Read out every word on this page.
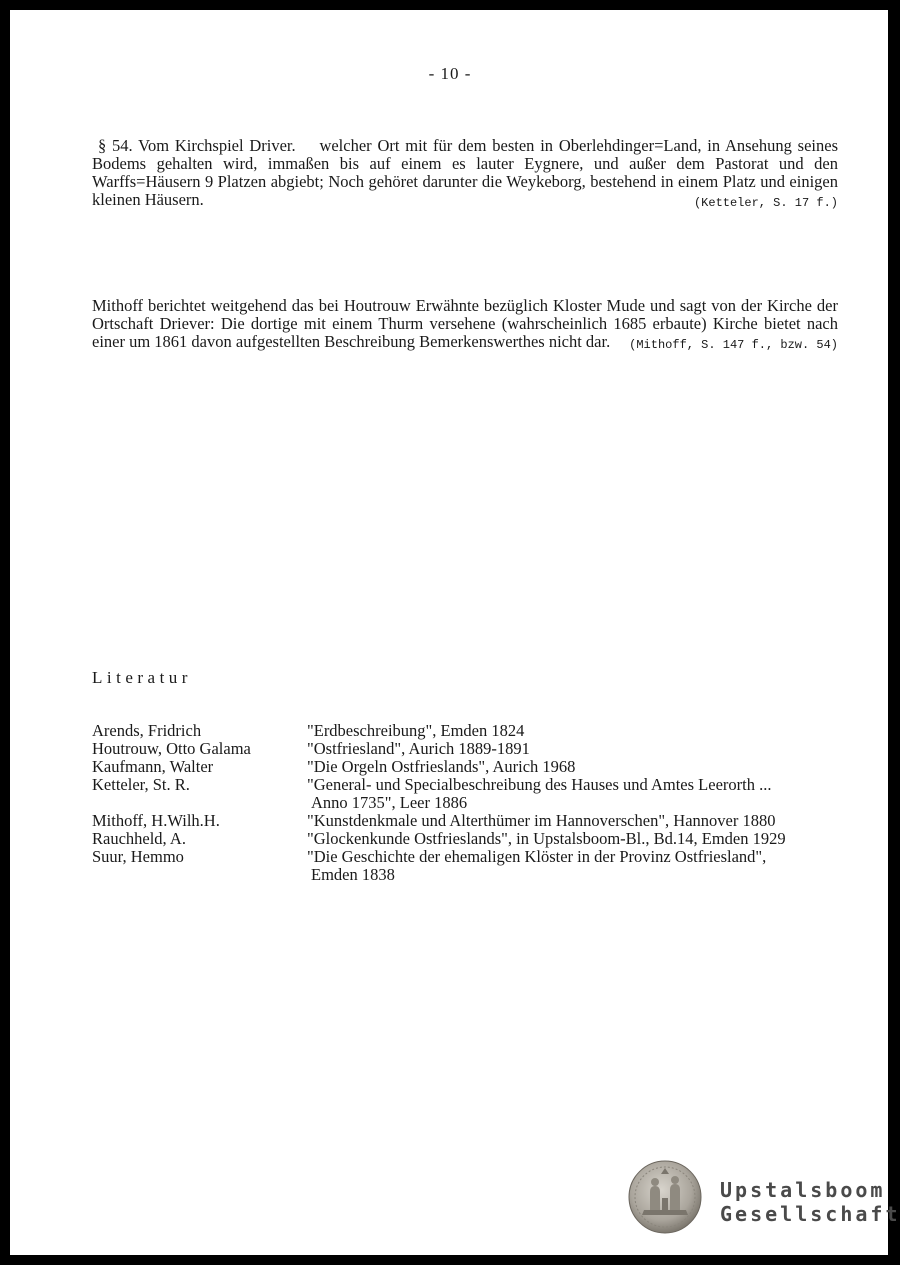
- 10 -

§ 54. Vom Kirchspiel Driver. welcher Ort mit für dem besten in Oberlehdinger=Land, in Ansehung seines Bodems gehalten wird, immaßen bis auf einem es lauter Eygnere, und außer dem Pastorat und den Warffs=Häusern 9 Platzen abgiebt; Noch gehöret darunter die Weykeborg, bestehend in einem Platz und einigen kleinen Häusern.	(Ketteler, S. 17 f.)

Mithoff berichtet weitgehend das bei Houtrouw Erwähnte bezüglich Kloster Mude und sagt von der Kirche der Ortschaft Driever: Die dortige mit einem Thurm versehene (wahrscheinlich 1685 erbaute) Kirche bietet nach einer um 1861 davon aufgestellten Beschreibung Bemerkenswerthes nicht dar. (Mithoff, S. 147 f., bzw. 54)

Literatur
Arends, Fridrich	"Erdbeschreibung", Emden 1824
Houtrouw, Otto Galama	"Ostfriesland", Aurich 1889-1891
Kaufmann, Walter	"Die Orgeln Ostfrieslands", Aurich 1968
Ketteler, St. R.	"General- und Specialbeschreibung des Hauses und Amtes Leerorth ...
Anno 1735", Leer 1886
Mithoff, H.Wilh.H.	"Kunstdenkmale und Alterthümer im Hannoverschen", Hannover 1880
Rauchheld, A.	"Glockenkunde Ostfrieslands", in Upstalsboom-Bl., Bd.14, Emden 1929
Suur, Hemmo	"Die Geschichte der ehemaligen Klöster in der Provinz Ostfriesland",
Emden 1838
Upstalsboom
Gesellschaft
